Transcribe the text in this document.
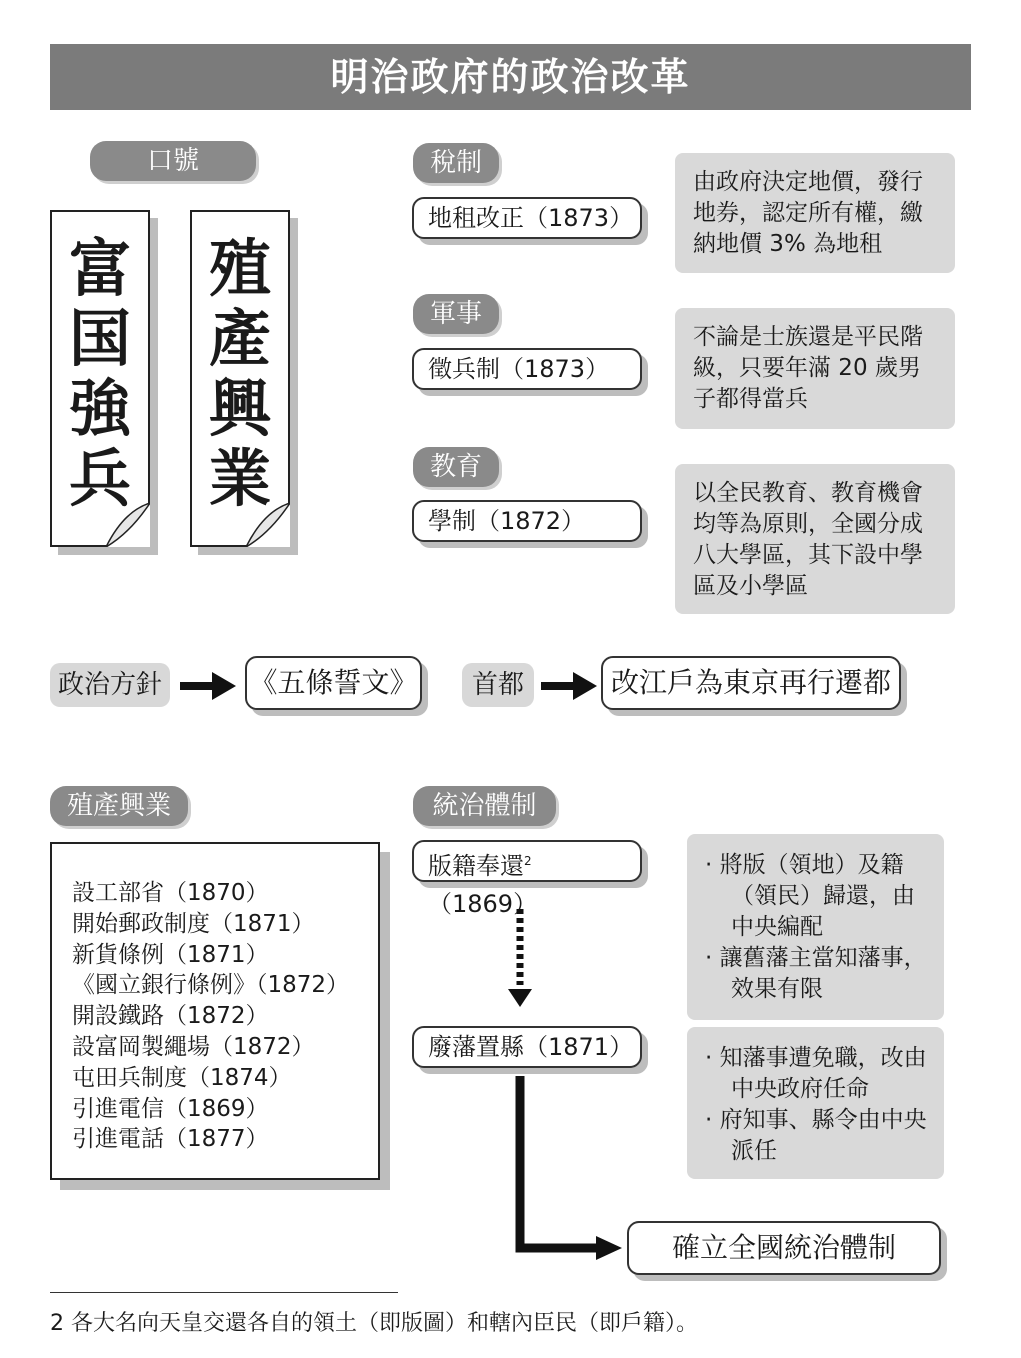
明治政府的政治改革
口號
富
国
強
兵
殖
產
興
業
稅制
地租改正（1873）
由政府決定地價，發行地券，認定所有權，繳納地價 3% 為地租
軍事
徵兵制（1873）
不論是士族還是平民階級，只要年滿 20 歲男子都得當兵
教育
學制（1872）
以全民教育、教育機會均等為原則，全國分成八大學區，其下設中學區及小學區
政治方針	《五條誓文》	首都	改江戶為東京再行遷都
殖產興業
設工部省（1870）
開始郵政制度（1871）
新貨條例（1871）
《國立銀行條例》（1872）
開設鐵路（1872）
設富岡製繩場（1872）
屯田兵制度（1874）
引進電信（1869）
引進電話（1877）
統治體制
版籍奉還$^2$（1869）
· 將版（領地）及籍（領民）歸還，由中央編配
· 讓舊藩主當知藩事，效果有限
廢藩置縣（1871）	· 知藩事遭免職，改由中央政府任命
· 府知事、縣令由中央派任
確立全國統治體制
2 各大名向天皇交還各自的領土（即版圖）和轄內臣民（即戶籍）。
